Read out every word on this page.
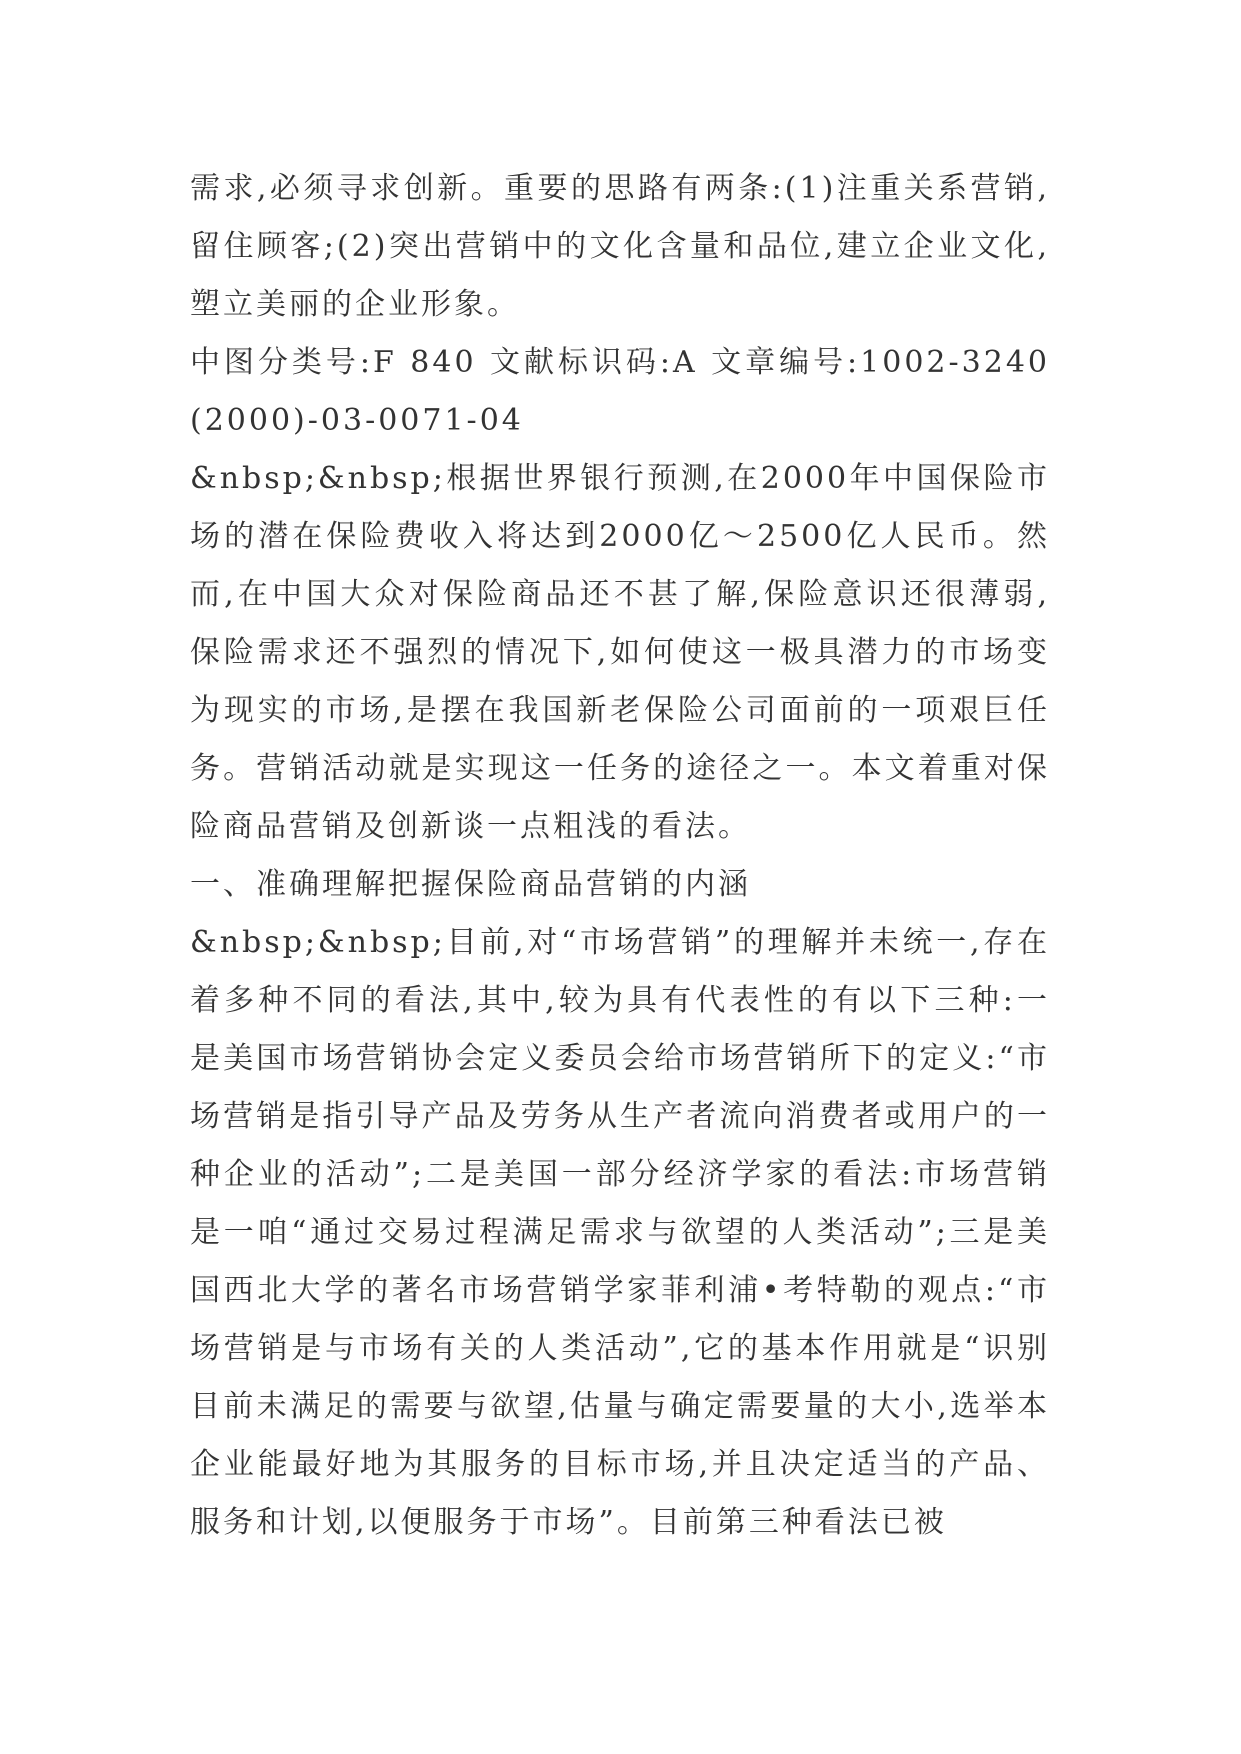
需求,必须寻求创新。重要的思路有两条:(1)注重关系营销,留住顾客;(2)突出营销中的文化含量和品位,建立企业文化,塑立美丽的企业形象。

中图分类号:F 840 文献标识码:A 文章编号:1002-3240(2000)-03-0071-04

&nbsp;&nbsp;根据世界银行预测,在2000年中国保险市场的潜在保险费收入将达到2000亿～2500亿人民币。然而,在中国大众对保险商品还不甚了解,保险意识还很薄弱,保险需求还不强烈的情况下,如何使这一极具潜力的市场变为现实的市场,是摆在我国新老保险公司面前的一项艰巨任务。营销活动就是实现这一任务的途径之一。本文着重对保险商品营销及创新谈一点粗浅的看法。

一、准确理解把握保险商品营销的内涵

&nbsp;&nbsp;目前,对“市场营销”的理解并未统一,存在着多种不同的看法,其中,较为具有代表性的有以下三种:一是美国市场营销协会定义委员会给市场营销所下的定义:“市场营销是指引导产品及劳务从生产者流向消费者或用户的一种企业的活动”;二是美国一部分经济学家的看法:市场营销是一咱“通过交易过程满足需求与欲望的人类活动”;三是美国西北大学的著名市场营销学家菲利浦•考特勒的观点:“市场营销是与市场有关的人类活动”,它的基本作用就是“识别目前未满足的需要与欲望,估量与确定需要量的大小,选举本企业能最好地为其服务的目标市场,并且决定适当的产品、服务和计划,以便服务于市场”。目前第三种看法已被
